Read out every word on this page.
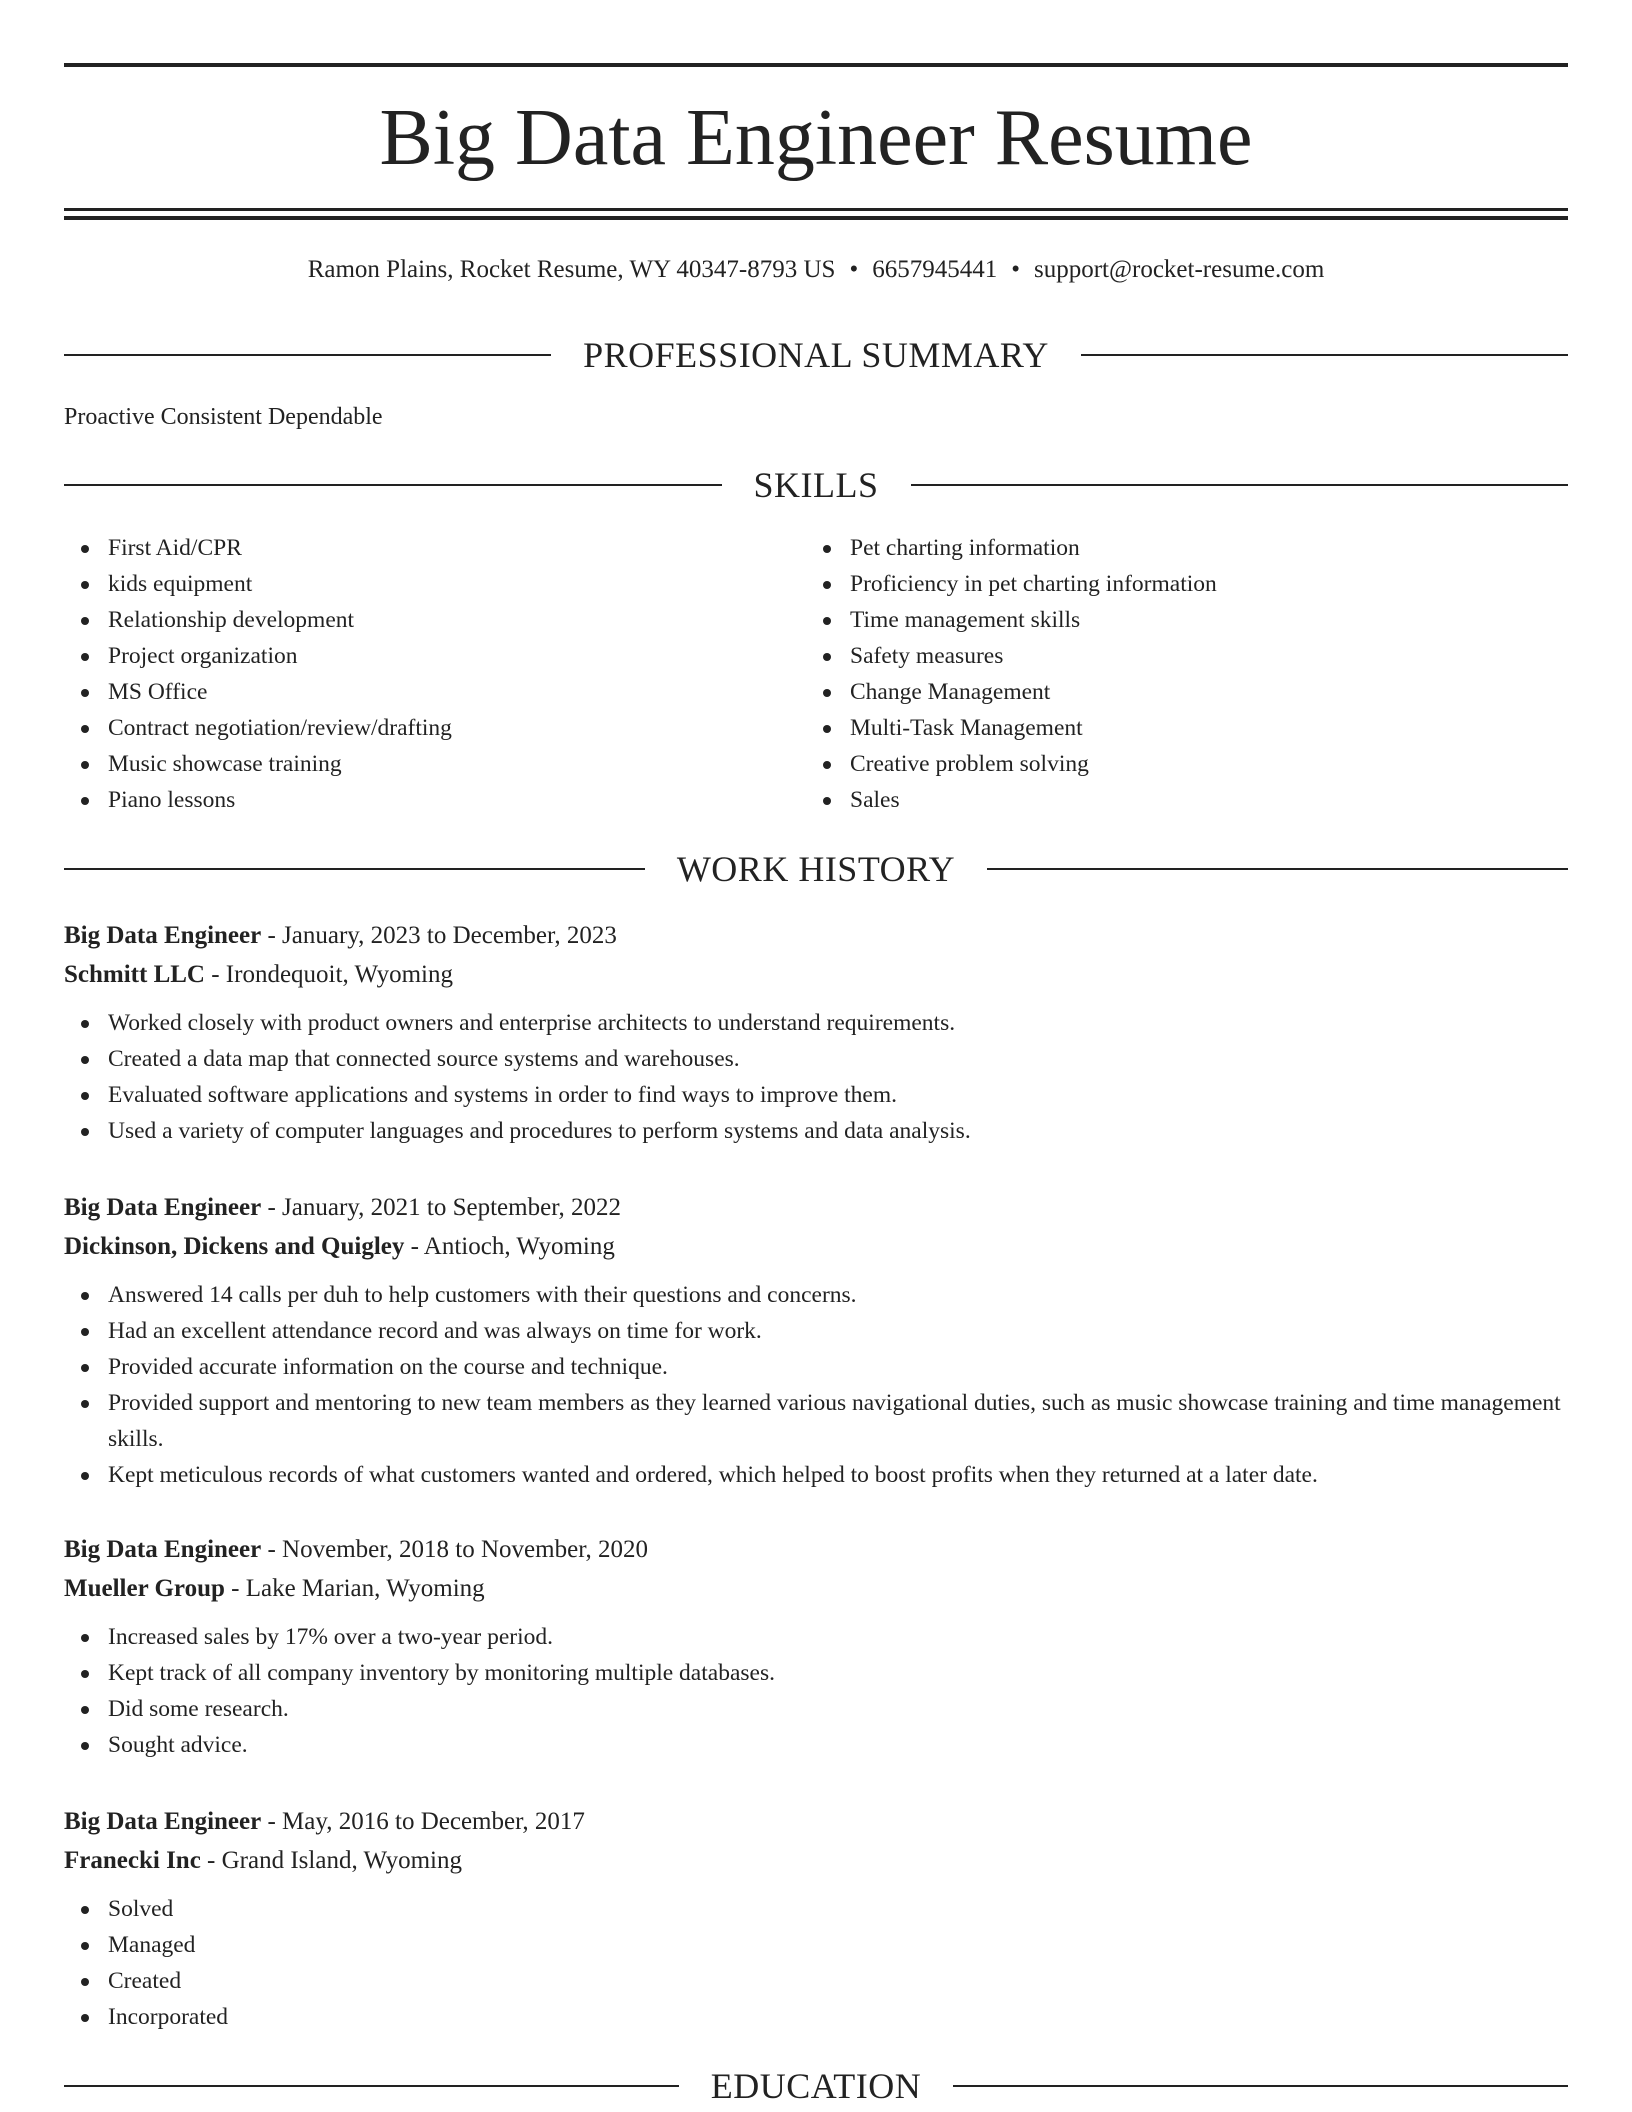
Big Data Engineer Resume
Ramon Plains, Rocket Resume, WY 40347-8793 US • 6657945441 • support@rocket-resume.com
PROFESSIONAL SUMMARY

Proactive Consistent Dependable

SKILLS
First Aid/CPR
kids equipment
Relationship development
Project organization
MS Office
Contract negotiation/review/drafting
Music showcase training
Piano lessons
Pet charting information
Proficiency in pet charting information
Time management skills
Safety measures
Change Management
Multi-Task Management
Creative problem solving
Sales
WORK HISTORY
Big Data Engineer - January, 2023 to December, 2023
Schmitt LLC - Irondequoit, Wyoming
Worked closely with product owners and enterprise architects to understand requirements.
Created a data map that connected source systems and warehouses.
Evaluated software applications and systems in order to find ways to improve them.
Used a variety of computer languages and procedures to perform systems and data analysis.
Big Data Engineer - January, 2021 to September, 2022
Dickinson, Dickens and Quigley - Antioch, Wyoming
Answered 14 calls per duh to help customers with their questions and concerns.
Had an excellent attendance record and was always on time for work.
Provided accurate information on the course and technique.
Provided support and mentoring to new team members as they learned various navigational duties, such as music showcase training and time management skills.
Kept meticulous records of what customers wanted and ordered, which helped to boost profits when they returned at a later date.
Big Data Engineer - November, 2018 to November, 2020
Mueller Group - Lake Marian, Wyoming
Increased sales by 17% over a two-year period.
Kept track of all company inventory by monitoring multiple databases.
Did some research.
Sought advice.
Big Data Engineer - May, 2016 to December, 2017
Franecki Inc - Grand Island, Wyoming
Solved
Managed
Created
Incorporated
EDUCATION
